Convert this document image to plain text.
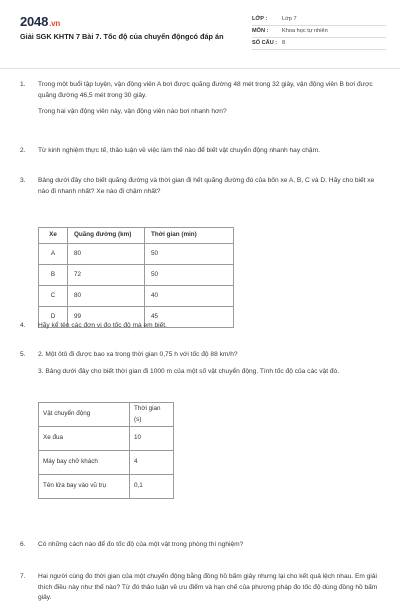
2048.vn
Giải SGK KHTN 7 Bài 7. Tốc độ của chuyển độngcó đáp án
LỚP :	Lớp 7
MÔN : Khoa học tự nhiên
SỐ CÂU : 8
1. Trong một buổi tập luyện, vận động viên A bơi được quãng đường 48 mét trong 32 giây, vận động viên B bơi được quãng đường 46,5 mét trong 30 giây.

Trong hai vận động viên này, vận động viên nào bơi nhanh hơn?

2. Từ kinh nghiệm thực tế, thảo luận về việc làm thế nào để biết vật chuyển động nhanh hay chậm.

3. Bảng dưới đây cho biết quãng đường và thời gian đi hết quãng đường đó của bốn xe A, B, C và D. Hãy cho biết xe nào đi nhanh nhất? Xe nào đi chậm nhất?

Xe	Quãng đường (km)	Thời gian (min)
A	80	50
B	72	50
C	80	40
D	99	45
4. Hãy kể tên các đơn vị đo tốc độ mà em biết.

5. 2. Một ôtô đi được bao xa trong thời gian 0,75 h với tốc độ 88 km/h?

3. Bảng dưới đây cho biết thời gian đi 1000 m của một số vật chuyển động. Tính tốc độ của các vật đó.

Vật chuyển động	Thời gian (s)
Xe đua	10
Máy bay chở khách	4
Tên lửa bay vào vũ trụ	0,1
6. Có những cách nào để đo tốc độ của một vật trong phòng thí nghiệm?

7. Hai người cùng đo thời gian của một chuyển động bằng đồng hồ bấm giây nhưng lại cho kết quả lệch nhau. Em giải thích điều này như thế nào? Từ đó thảo luận về ưu điểm và hạn chế của phương pháp đo tốc độ dùng đồng hồ bấm giây.
